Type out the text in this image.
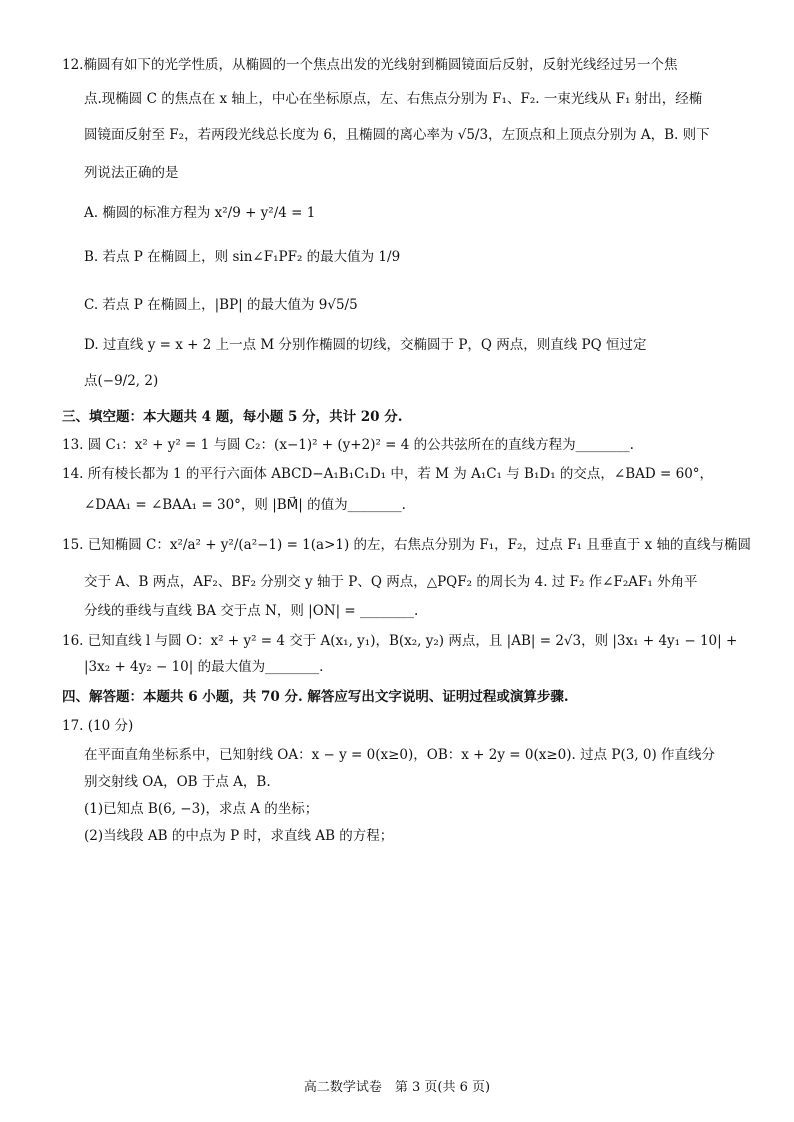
12.椭圆有如下的光学性质，从椭圆的一个焦点出发的光线射到椭圆镜面后反射，反射光线经过另一个焦
点.现椭圆 C 的焦点在 x 轴上，中心在坐标原点，左、右焦点分别为 F₁、F₂. 一束光线从 F₁ 射出，经椭
圆镜面反射至 F₂，若两段光线总长度为 6，且椭圆的离心率为 √5/3，左顶点和上顶点分别为 A，B. 则下
列说法正确的是
A. 椭圆的标准方程为 x²/9 + y²/4 = 1
B. 若点 P 在椭圆上，则 sin∠F₁PF₂ 的最大值为 1/9
C. 若点 P 在椭圆上，|BP| 的最大值为 9√5/5
D. 过直线 y = x + 2 上一点 M 分别作椭圆的切线，交椭圆于 P，Q 两点，则直线 PQ 恒过定
点(−9/2, 2)
三、填空题：本大题共 4 题，每小题 5 分，共计 20 分.
13. 圆 C₁：x² + y² = 1 与圆 C₂：(x−1)² + (y+2)² = 4 的公共弦所在的直线方程为________.
14. 所有棱长都为 1 的平行六面体 ABCD−A₁B₁C₁D₁ 中，若 M 为 A₁C₁ 与 B₁D₁ 的交点，∠BAD = 60°，
∠DAA₁ = ∠BAA₁ = 30°，则 |BM⃗| 的值为________.
15. 已知椭圆 C：x²/a² + y²/(a²−1) = 1(a>1) 的左，右焦点分别为 F₁，F₂，过点 F₁ 且垂直于 x 轴的直线与椭圆
交于 A、B 两点，AF₂、BF₂ 分别交 y 轴于 P、Q 两点，△PQF₂ 的周长为 4. 过 F₂ 作∠F₂AF₁ 外角平
分线的垂线与直线 BA 交于点 N，则 |ON| = ________.
16. 已知直线 l 与圆 O：x² + y² = 4 交于 A(x₁, y₁)，B(x₂, y₂) 两点，且 |AB| = 2√3，则 |3x₁ + 4y₁ − 10| +
|3x₂ + 4y₂ − 10| 的最大值为________.
四、解答题：本题共 6 小题，共 70 分. 解答应写出文字说明、证明过程或演算步骤.
17. (10 分)
在平面直角坐标系中，已知射线 OA：x − y = 0(x≥0)，OB：x + 2y = 0(x≥0). 过点 P(3, 0) 作直线分
别交射线 OA，OB 于点 A，B.
(1)已知点 B(6, −3)，求点 A 的坐标；
(2)当线段 AB 的中点为 P 时，求直线 AB 的方程；
高二数学试卷　第 3 页(共 6 页)
